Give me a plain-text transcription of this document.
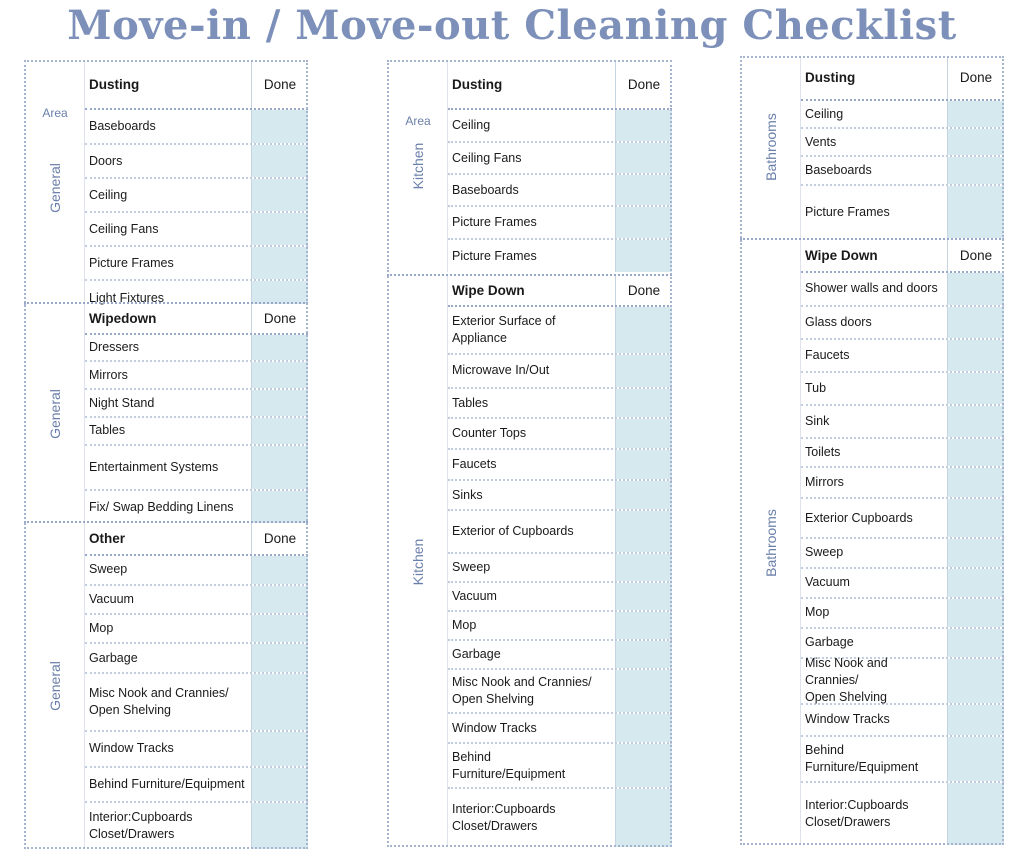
Move-in / Move-out Cleaning Checklist
General
Area
Dusting	Done
Baseboards
Doors
Ceiling
Ceiling Fans
Picture Frames
Light Fixtures
General
Wipedown	Done
Dressers
Mirrors
Night Stand
Tables
Entertainment Systems
Fix/ Swap Bedding Linens
General
Other	Done
Sweep
Vacuum
Mop
Garbage
Misc Nook and Crannies/
Open Shelving
Window Tracks
Behind Furniture/Equipment
Interior:Cupboards
Closet/Drawers
Kitchen
Area
Dusting	Done
Ceiling
Ceiling Fans
Baseboards
Picture Frames
Picture Frames
Kitchen
Wipe Down	Done
Exterior Surface of
Appliance
Microwave In/Out
Tables
Counter Tops
Faucets
Sinks
Exterior of Cupboards
Sweep
Vacuum
Mop
Garbage
Misc Nook and Crannies/
Open Shelving
Window Tracks
Behind
Furniture/Equipment
Interior:Cupboards
Closet/Drawers
Bathrooms
Dusting	Done
Ceiling
Vents
Baseboards
Picture Frames
Bathrooms
Wipe Down	Done
Shower walls and doors
Glass doors
Faucets
Tub
Sink
Toilets
Mirrors
Exterior Cupboards
Sweep
Vacuum
Mop
Garbage
Misc Nook and Crannies/
Open Shelving
Window Tracks
Behind
Furniture/Equipment
Interior:Cupboards
Closet/Drawers
